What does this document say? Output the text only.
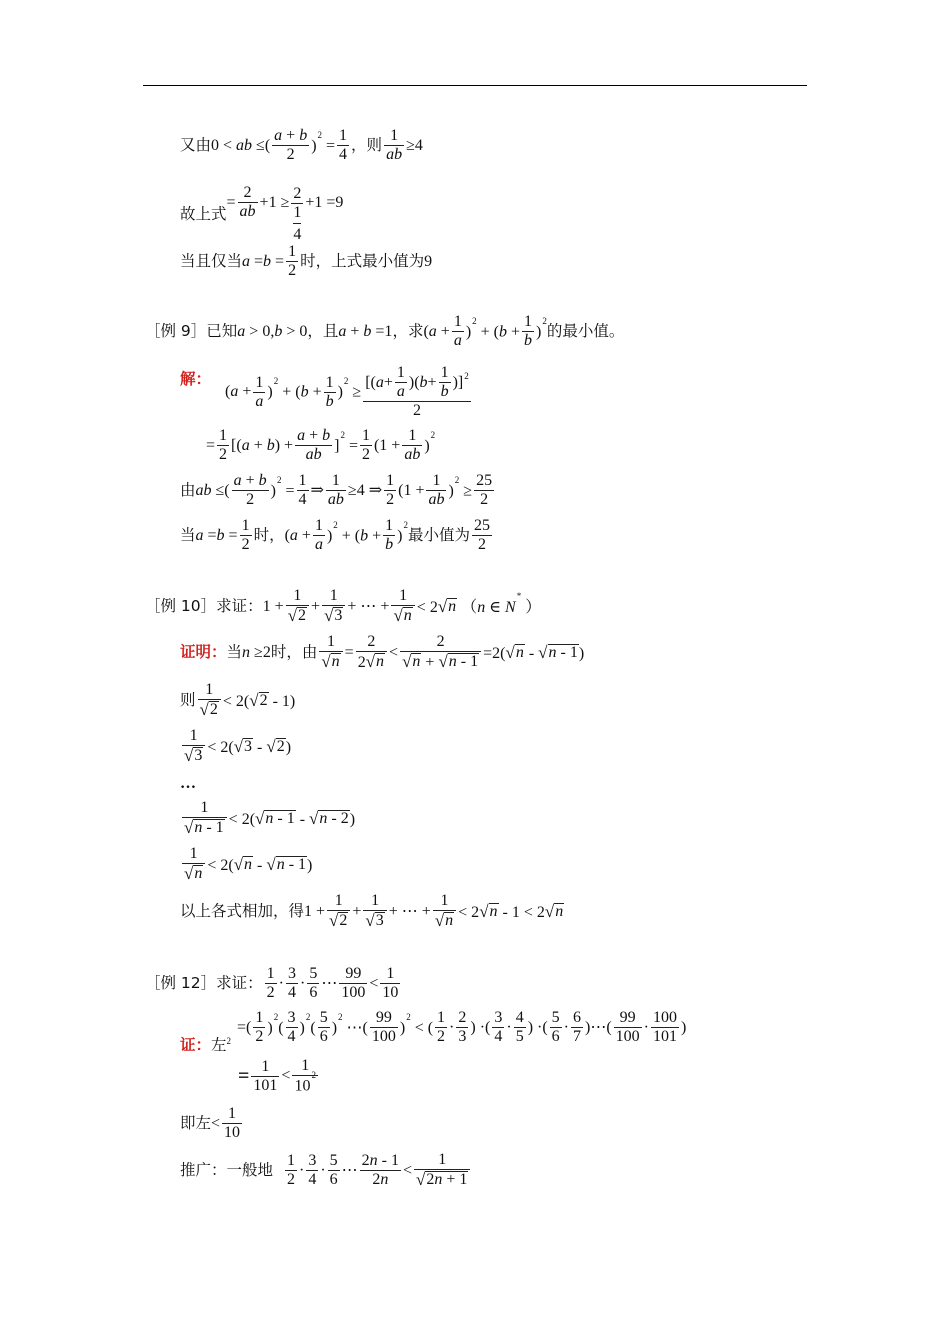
又由 0 < ab ≤(
a + b
2
)$^2 = \frac{1}{4}$ ，则 $\frac{1}{ab} \ge 4$
故上式
= $\frac{2}{ab} +1 \ge 2$
1
4 +1 =9
当且仅当 $a =b = \frac{1}{2}$ 时，上式最小值为 9
［例 9］已知 a > 0,b > 0 ，且 a + b =1 ，求 $(a + \frac{1}{a} )^2 + (b + \frac{1}{b} )^2$
的最小值。
解：
$(a + \frac{1}{a} )^2 + (b + \frac{1}{b} )^2$ ≥ [( a +
1
a
)( b +
1
b
)] 2
2
= $\frac{1}{2} [(a + b) + \frac{a + b}{ab} ]^2 = \frac{1}{2} (1 + \frac{1}{ab} )^2$
由 ab ≤(
a + b
2
)$^2 = \frac{1}{4}$ ⇒ $\frac{1}{ab} \ge 4$ ⇒
1
2
$(1 + \frac{1}{ab} )^2 \ge \frac{25}{2}$
当 $a =b = \frac{1}{2}$ 时， $(a + \frac{1}{a} )^2 + (b + \frac{1}{b} )^2$
最小值为
25
2
［例 10］求证： $1 + \frac{1}{√ 2} + \frac{1}{√ 3}$ + ⋯ + $\frac{1}{√ n} < 2$ √ n （n ∈ N* ）
证明： 当 n ≥2 时，由 $\frac{1}{√ n} = \frac{2}{2 √ n} < \frac{2}{√ n + √ n - 1} =2$( √ n - √ n - 1 )
则
1
√ 2 < 2( √ 2 - 1)
1
√ 3 < 2( √ 3 - √ 2 )
…
1
√ n - 1 < 2( √ n - 1 - √ n - 2 )
1
√ n < 2( √ n - √ n - 1 )
以上各式相加，得 $1 + \frac{1}{√ 2} + \frac{1}{√ 3}$ + ⋯ + $\frac{1}{√ n} < 2$ √ n - 1 < 2 √ n
［例 12］求证：
1
2
·
3
4
·
5
6
⋯
99
100
<
1
10
证： 左 2
=(
1
2
)$^2$(
3
4
)$^2$(
5
6
)$^2$ ⋯(
99
100
)$^2$ < (
1
2
·
2
3
) ·(
3
4
·
4
5
) ·(
5
6
·
6
7
)⋯(
99
100
·
100
101
)
= $\frac{1}{101}$ <
1
$10^2$
即左 <
1
10
推广：一般地
1
2
·
3
4
·
5
6
⋯
2n - 1
2n
<
1
√ 2n + 1
